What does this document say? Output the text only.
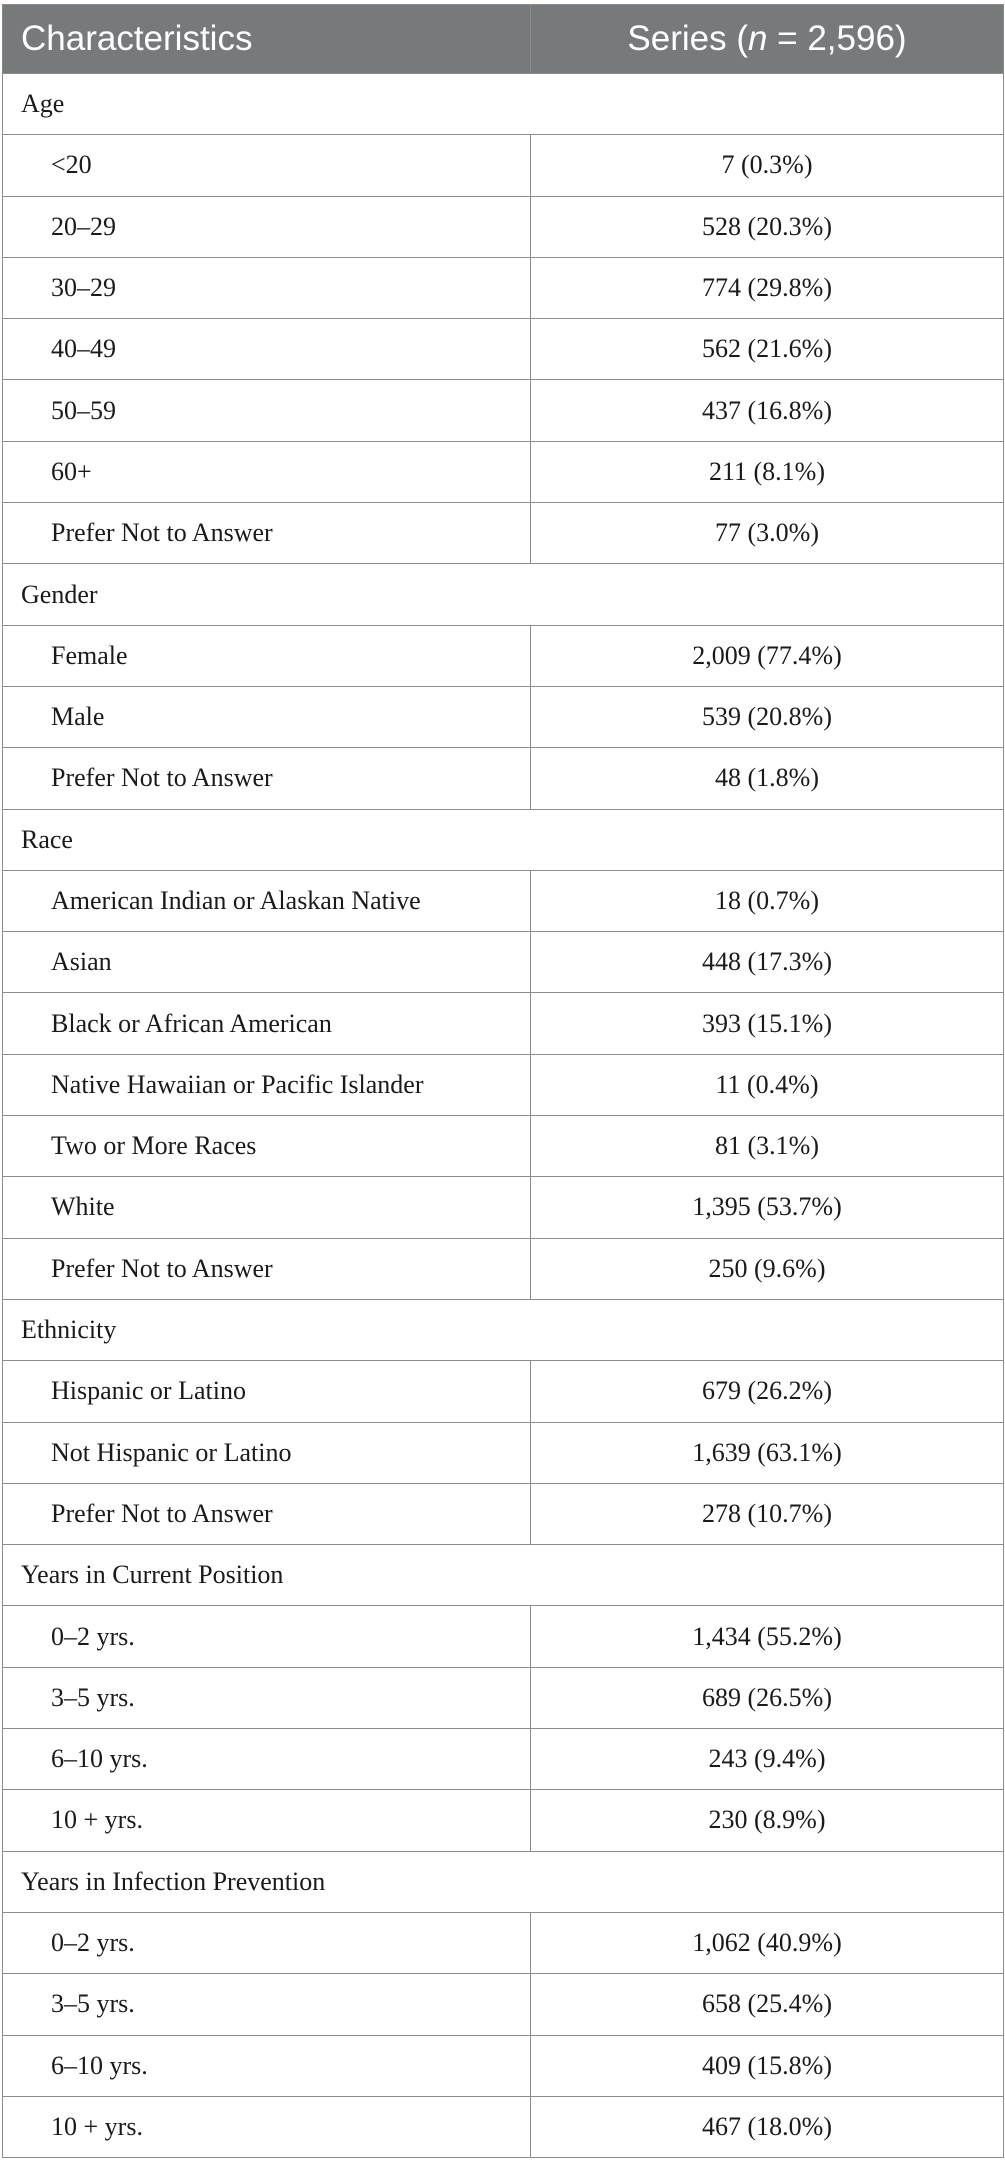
Characteristics	Series (n = 2,596)
Age	
<20	7 (0.3%)
20–29	528 (20.3%)
30–29	774 (29.8%)
40–49	562 (21.6%)
50–59	437 (16.8%)
60+	211 (8.1%)
Prefer Not to Answer	77 (3.0%)
Gender	
Female	2,009 (77.4%)
Male	539 (20.8%)
Prefer Not to Answer	48 (1.8%)
Race	
American Indian or Alaskan Native	18 (0.7%)
Asian	448 (17.3%)
Black or African American	393 (15.1%)
Native Hawaiian or Pacific Islander	11 (0.4%)
Two or More Races	81 (3.1%)
White	1,395 (53.7%)
Prefer Not to Answer	250 (9.6%)
Ethnicity	
Hispanic or Latino	679 (26.2%)
Not Hispanic or Latino	1,639 (63.1%)
Prefer Not to Answer	278 (10.7%)
Years in Current Position	
0–2 yrs.	1,434 (55.2%)
3–5 yrs.	689 (26.5%)
6–10 yrs.	243 (9.4%)
10 + yrs.	230 (8.9%)
Years in Infection Prevention	
0–2 yrs.	1,062 (40.9%)
3–5 yrs.	658 (25.4%)
6–10 yrs.	409 (15.8%)
10 + yrs.	467 (18.0%)
